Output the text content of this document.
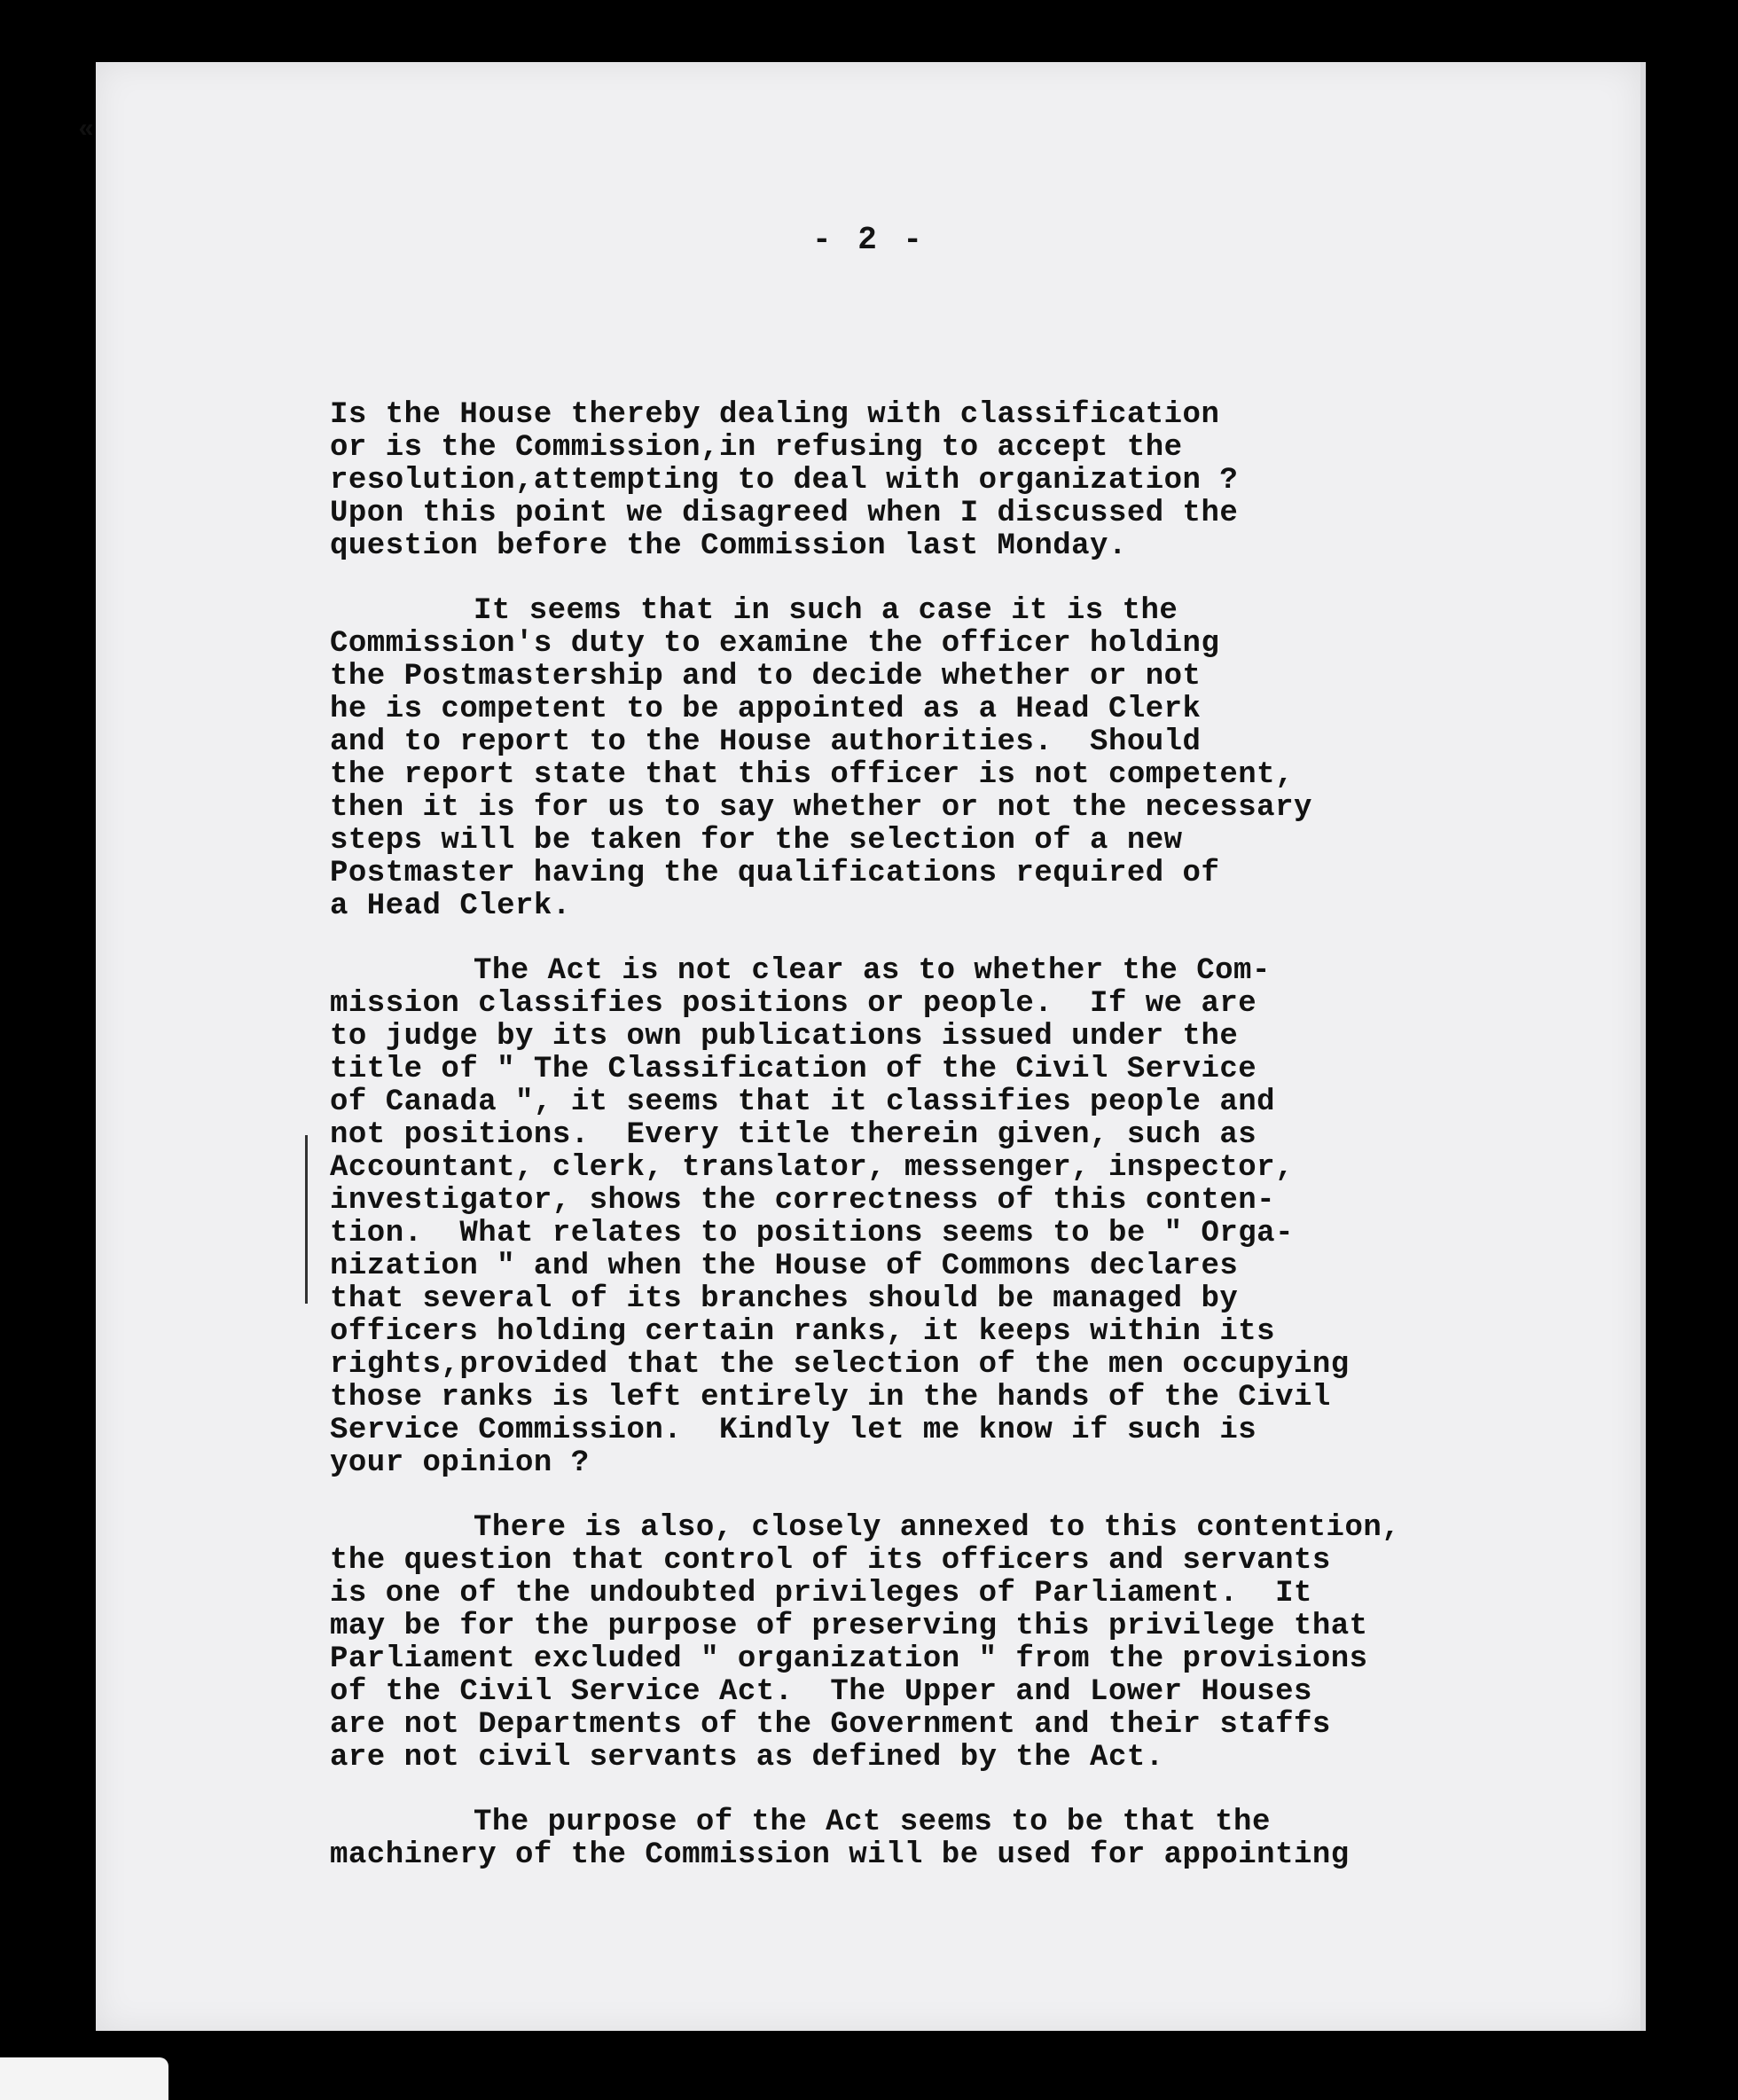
«
- 2 -
Is the House thereby dealing with classification
or is the Commission,in refusing to accept the
resolution,attempting to deal with organization ?
Upon this point we disagreed when I discussed the
question before the Commission last Monday.
It seems that in such a case it is the
Commission's duty to examine the officer holding
the Postmastership and to decide whether or not
he is competent to be appointed as a Head Clerk
and to report to the House authorities.  Should
the report state that this officer is not competent,
then it is for us to say whether or not the necessary
steps will be taken for the selection of a new
Postmaster having the qualifications required of
a Head Clerk.
The Act is not clear as to whether the Com-
mission classifies positions or people.  If we are
to judge by its own publications issued under the
title of " The Classification of the Civil Service
of Canada ", it seems that it classifies people and
not positions.  Every title therein given, such as
Accountant, clerk, translator, messenger, inspector,
investigator, shows the correctness of this conten-
tion.  What relates to positions seems to be " Orga-
nization " and when the House of Commons declares
that several of its branches should be managed by
officers holding certain ranks, it keeps within its
rights,provided that the selection of the men occupying
those ranks is left entirely in the hands of the Civil
Service Commission.  Kindly let me know if such is
your opinion ?
There is also, closely annexed to this contention,
the question that control of its officers and servants
is one of the undoubted privileges of Parliament.  It
may be for the purpose of preserving this privilege that
Parliament excluded " organization " from the provisions
of the Civil Service Act.  The Upper and Lower Houses
are not Departments of the Government and their staffs
are not civil servants as defined by the Act.
The purpose of the Act seems to be that the
machinery of the Commission will be used for appointing
